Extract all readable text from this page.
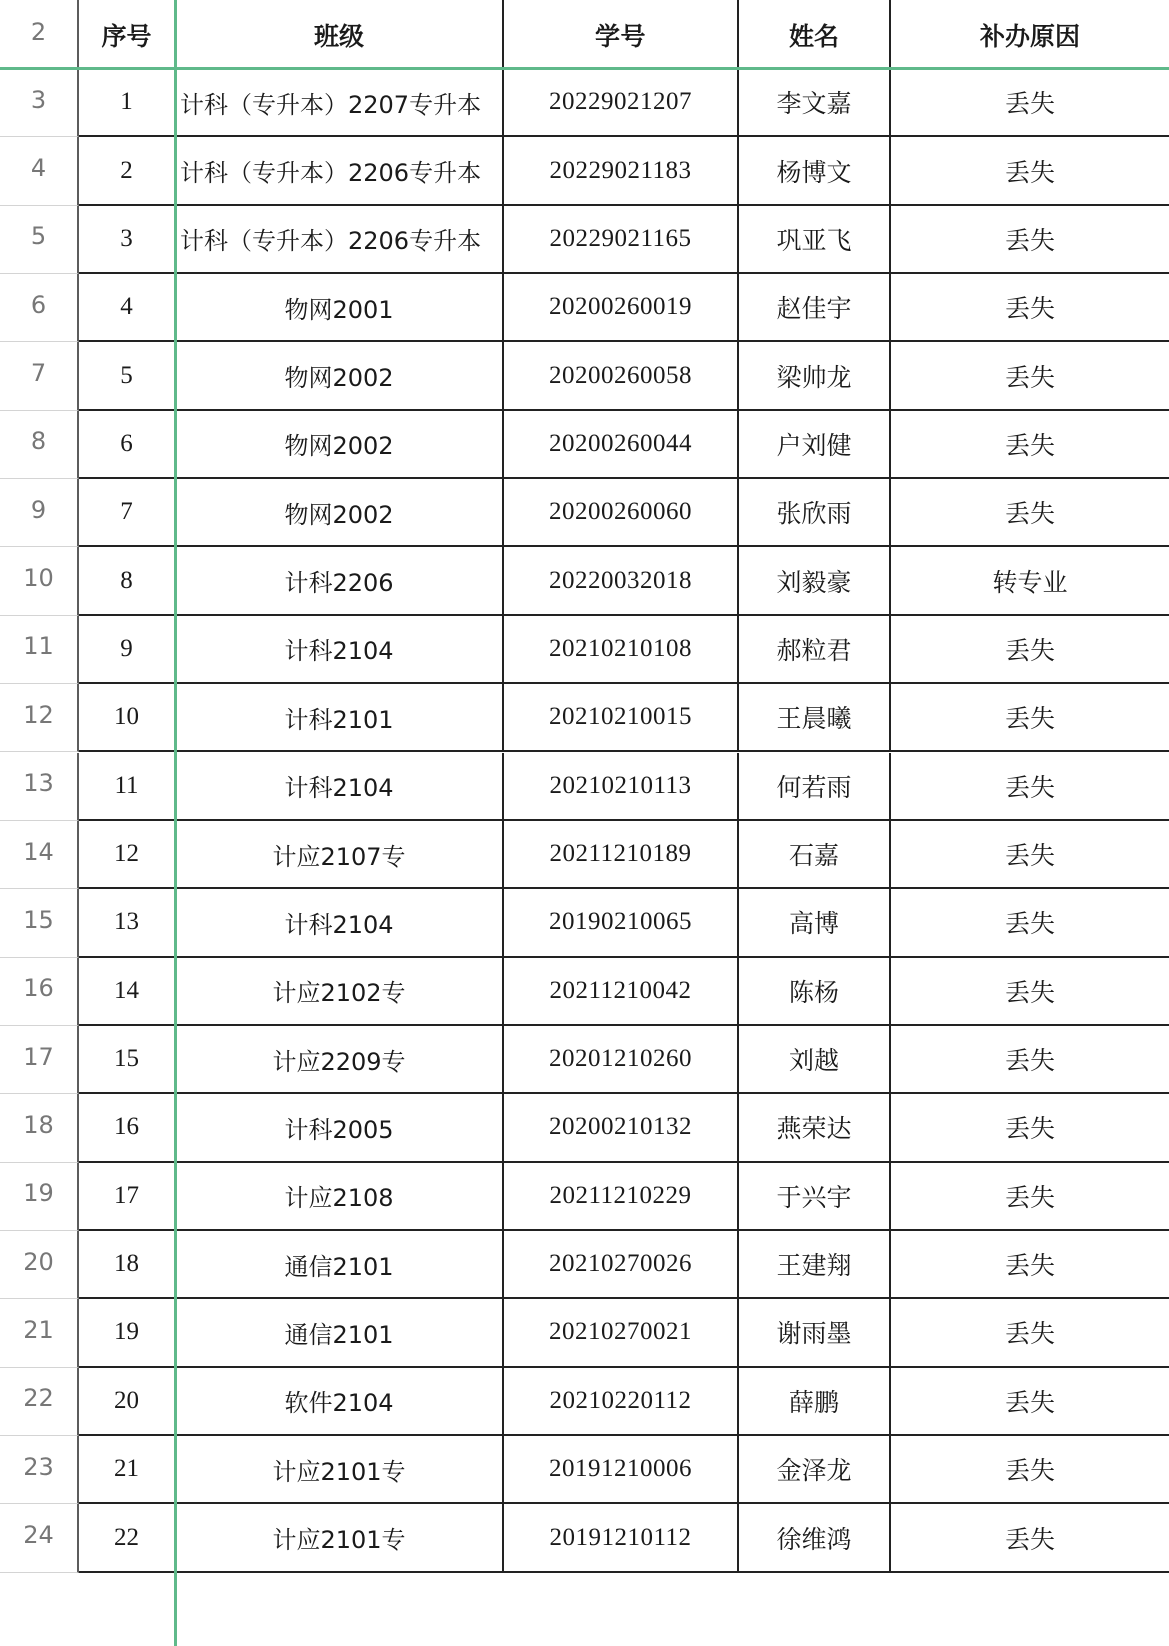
2	序号	班级	学号	姓名	补办原因
3	1	计科（专升本）2207专升本	20229021207	李文嘉	丢失
4	2	计科（专升本）2206专升本	20229021183	杨博文	丢失
5	3	计科（专升本）2206专升本	20229021165	巩亚飞	丢失
6	4	物网2001	20200260019	赵佳宇	丢失
7	5	物网2002	20200260058	梁帅龙	丢失
8	6	物网2002	20200260044	户刘健	丢失
9	7	物网2002	20200260060	张欣雨	丢失
10	8	计科2206	20220032018	刘毅豪	转专业
11	9	计科2104	20210210108	郝粒君	丢失
12	10	计科2101	20210210015	王晨曦	丢失
13	11	计科2104	20210210113	何若雨	丢失
14	12	计应2107专	20211210189	石嘉	丢失
15	13	计科2104	20190210065	高博	丢失
16	14	计应2102专	20211210042	陈杨	丢失
17	15	计应2209专	20201210260	刘越	丢失
18	16	计科2005	20200210132	燕荣达	丢失
19	17	计应2108	20211210229	于兴宇	丢失
20	18	通信2101	20210270026	王建翔	丢失
21	19	通信2101	20210270021	谢雨墨	丢失
22	20	软件2104	20210220112	薛鹏	丢失
23	21	计应2101专	20191210006	金泽龙	丢失
24	22	计应2101专	20191210112	徐维鸿	丢失
